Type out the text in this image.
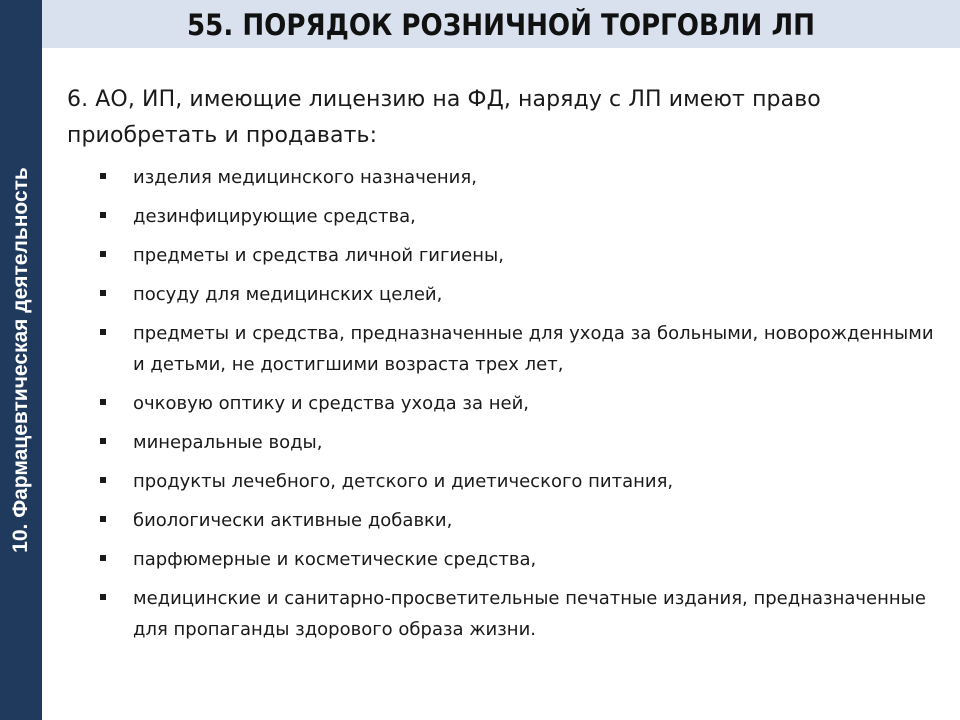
10. Фармацевтическая деятельность
55. ПОРЯДОК РОЗНИЧНОЙ ТОРГОВЛИ ЛП

6. АО, ИП, имеющие лицензию на ФД, наряду с ЛП имеют право приобретать и продавать:

изделия медицинского назначения,
дезинфицирующие средства,
предметы и средства личной гигиены,
посуду для медицинских целей,
предметы и средства, предназначенные для ухода за больными, новорожденными и детьми, не достигшими возраста трех лет,
очковую оптику и средства ухода за ней,
минеральные воды,
продукты лечебного, детского и диетического питания,
биологически активные добавки,
парфюмерные и косметические средства,
медицинские и санитарно-просветительные печатные издания, предназначенные для пропаганды здорового образа жизни.
